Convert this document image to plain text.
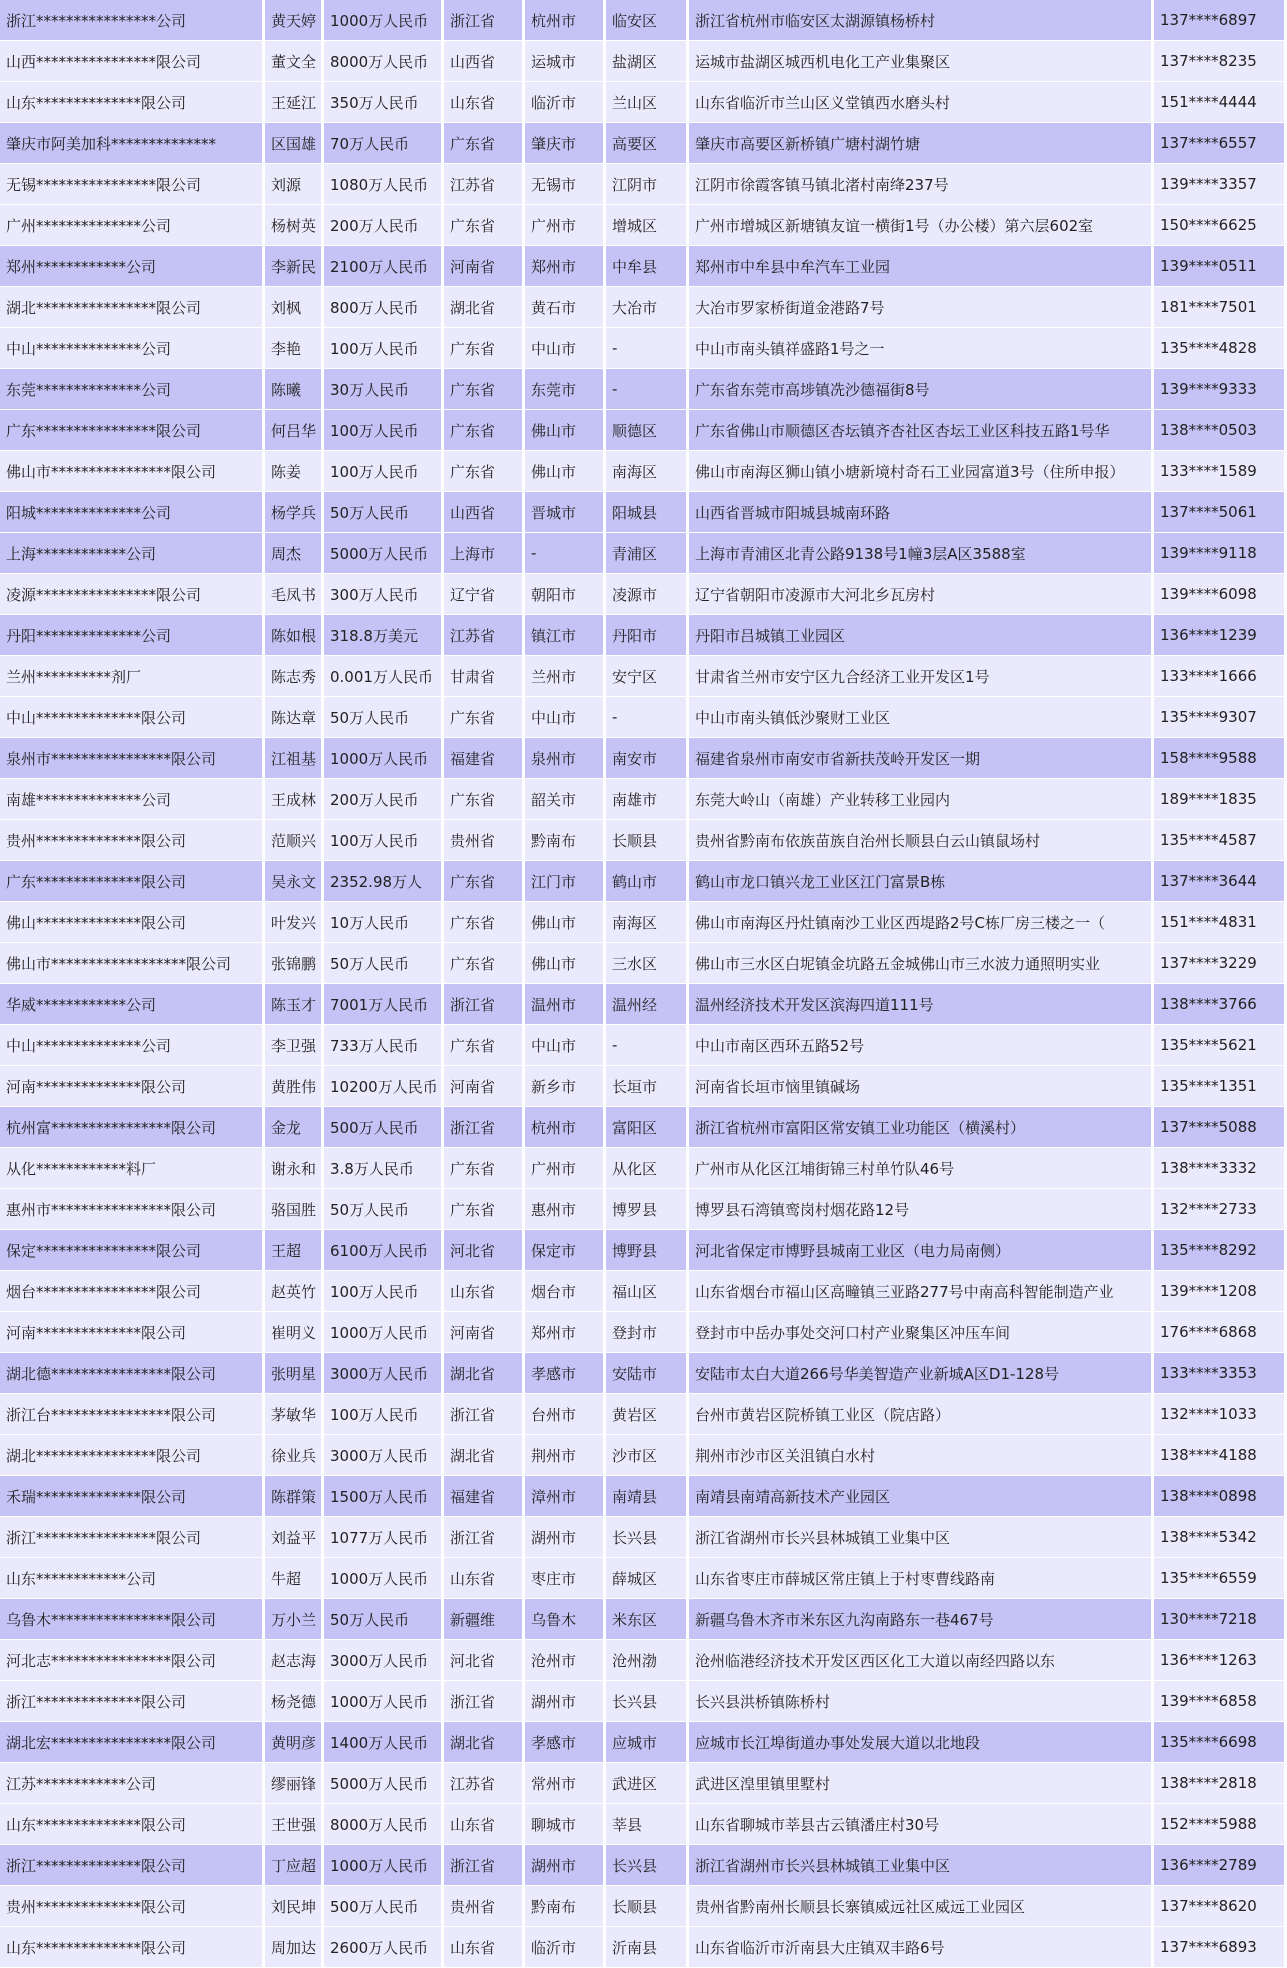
浙江****************公司	黄天婷	1000万人民币	浙江省	杭州市	临安区	浙江省杭州市临安区太湖源镇杨桥村	137****6897
山西****************限公司	董文全	8000万人民币	山西省	运城市	盐湖区	运城市盐湖区城西机电化工产业集聚区	137****8235
山东**************限公司	王延江	350万人民币	山东省	临沂市	兰山区	山东省临沂市兰山区义堂镇西水磨头村	151****4444
肇庆市阿美加科**************	区国雄	70万人民币	广东省	肇庆市	高要区	肇庆市高要区新桥镇广塘村湖竹塘	137****6557
无锡****************限公司	刘源	1080万人民币	江苏省	无锡市	江阴市	江阴市徐霞客镇马镇北渚村南绛237号	139****3357
广州**************公司	杨树英	200万人民币	广东省	广州市	增城区	广州市增城区新塘镇友谊一横街1号（办公楼）第六层602室	150****6625
郑州************公司	李新民	2100万人民币	河南省	郑州市	中牟县	郑州市中牟县中牟汽车工业园	139****0511
湖北****************限公司	刘枫	800万人民币	湖北省	黄石市	大冶市	大冶市罗家桥街道金港路7号	181****7501
中山**************公司	李艳	100万人民币	广东省	中山市	-	中山市南头镇祥盛路1号之一	135****4828
东莞**************公司	陈曦	30万人民币	广东省	东莞市	-	广东省东莞市高埗镇冼沙德福街8号	139****9333
广东****************限公司	何吕华	100万人民币	广东省	佛山市	顺德区	广东省佛山市顺德区杏坛镇齐杏社区杏坛工业区科技五路1号华	138****0503
佛山市****************限公司	陈姜	100万人民币	广东省	佛山市	南海区	佛山市南海区狮山镇小塘新境村奇石工业园富道3号（住所申报）	133****1589
阳城**************公司	杨学兵	50万人民币	山西省	晋城市	阳城县	山西省晋城市阳城县城南环路	137****5061
上海************公司	周杰	5000万人民币	上海市	-	青浦区	上海市青浦区北青公路9138号1幢3层A区3588室	139****9118
凌源****************限公司	毛凤书	300万人民币	辽宁省	朝阳市	凌源市	辽宁省朝阳市凌源市大河北乡瓦房村	139****6098
丹阳**************公司	陈如根	318.8万美元	江苏省	镇江市	丹阳市	丹阳市吕城镇工业园区	136****1239
兰州**********剂厂	陈志秀	0.001万人民币	甘肃省	兰州市	安宁区	甘肃省兰州市安宁区九合经济工业开发区1号	133****1666
中山**************限公司	陈达章	50万人民币	广东省	中山市	-	中山市南头镇低沙聚财工业区	135****9307
泉州市****************限公司	江祖基	1000万人民币	福建省	泉州市	南安市	福建省泉州市南安市省新扶茂岭开发区一期	158****9588
南雄**************公司	王成林	200万人民币	广东省	韶关市	南雄市	东莞大岭山（南雄）产业转移工业园内	189****1835
贵州**************限公司	范顺兴	100万人民币	贵州省	黔南布	长顺县	贵州省黔南布依族苗族自治州长顺县白云山镇鼠场村	135****4587
广东**************限公司	吴永文	2352.98万人	广东省	江门市	鹤山市	鹤山市龙口镇兴龙工业区江门富景B栋	137****3644
佛山**************限公司	叶发兴	10万人民币	广东省	佛山市	南海区	佛山市南海区丹灶镇南沙工业区西堤路2号C栋厂房三楼之一（	151****4831
佛山市******************限公司	张锦鹏	50万人民币	广东省	佛山市	三水区	佛山市三水区白坭镇金坑路五金城佛山市三水波力通照明实业	137****3229
华威************公司	陈玉才	7001万人民币	浙江省	温州市	温州经	温州经济技术开发区滨海四道111号	138****3766
中山**************公司	李卫强	733万人民币	广东省	中山市	-	中山市南区西环五路52号	135****5621
河南**************限公司	黄胜伟	10200万人民币	河南省	新乡市	长垣市	河南省长垣市恼里镇碱场	135****1351
杭州富****************限公司	金龙	500万人民币	浙江省	杭州市	富阳区	浙江省杭州市富阳区常安镇工业功能区（横溪村）	137****5088
从化************料厂	谢永和	3.8万人民币	广东省	广州市	从化区	广州市从化区江埔街锦三村单竹队46号	138****3332
惠州市****************限公司	骆国胜	50万人民币	广东省	惠州市	博罗县	博罗县石湾镇鸾岗村烟花路12号	132****2733
保定****************限公司	王超	6100万人民币	河北省	保定市	博野县	河北省保定市博野县城南工业区（电力局南侧）	135****8292
烟台****************限公司	赵英竹	100万人民币	山东省	烟台市	福山区	山东省烟台市福山区高疃镇三亚路277号中南高科智能制造产业	139****1208
河南**************限公司	崔明义	1000万人民币	河南省	郑州市	登封市	登封市中岳办事处交河口村产业聚集区冲压车间	176****6868
湖北德****************限公司	张明星	3000万人民币	湖北省	孝感市	安陆市	安陆市太白大道266号华美智造产业新城A区D1-128号	133****3353
浙江台****************限公司	茅敏华	100万人民币	浙江省	台州市	黄岩区	台州市黄岩区院桥镇工业区（院店路）	132****1033
湖北****************限公司	徐业兵	3000万人民币	湖北省	荆州市	沙市区	荆州市沙市区关沮镇白水村	138****4188
禾瑞**************限公司	陈群策	1500万人民币	福建省	漳州市	南靖县	南靖县南靖高新技术产业园区	138****0898
浙江****************限公司	刘益平	1077万人民币	浙江省	湖州市	长兴县	浙江省湖州市长兴县林城镇工业集中区	138****5342
山东************公司	牛超	1000万人民币	山东省	枣庄市	薛城区	山东省枣庄市薛城区常庄镇上于村枣曹线路南	135****6559
乌鲁木****************限公司	万小兰	50万人民币	新疆维	乌鲁木	米东区	新疆乌鲁木齐市米东区九沟南路东一巷467号	130****7218
河北志****************限公司	赵志海	3000万人民币	河北省	沧州市	沧州渤	沧州临港经济技术开发区西区化工大道以南经四路以东	136****1263
浙江**************限公司	杨尧德	1000万人民币	浙江省	湖州市	长兴县	长兴县洪桥镇陈桥村	139****6858
湖北宏****************限公司	黄明彦	1400万人民币	湖北省	孝感市	应城市	应城市长江埠街道办事处发展大道以北地段	135****6698
江苏************公司	缪丽锋	5000万人民币	江苏省	常州市	武进区	武进区湟里镇里墅村	138****2818
山东**************限公司	王世强	8000万人民币	山东省	聊城市	莘县	山东省聊城市莘县古云镇潘庄村30号	152****5988
浙江**************限公司	丁应超	1000万人民币	浙江省	湖州市	长兴县	浙江省湖州市长兴县林城镇工业集中区	136****2789
贵州**************限公司	刘民坤	500万人民币	贵州省	黔南布	长顺县	贵州省黔南州长顺县长寨镇威远社区威远工业园区	137****8620
山东**************限公司	周加达	2600万人民币	山东省	临沂市	沂南县	山东省临沂市沂南县大庄镇双丰路6号	137****6893
